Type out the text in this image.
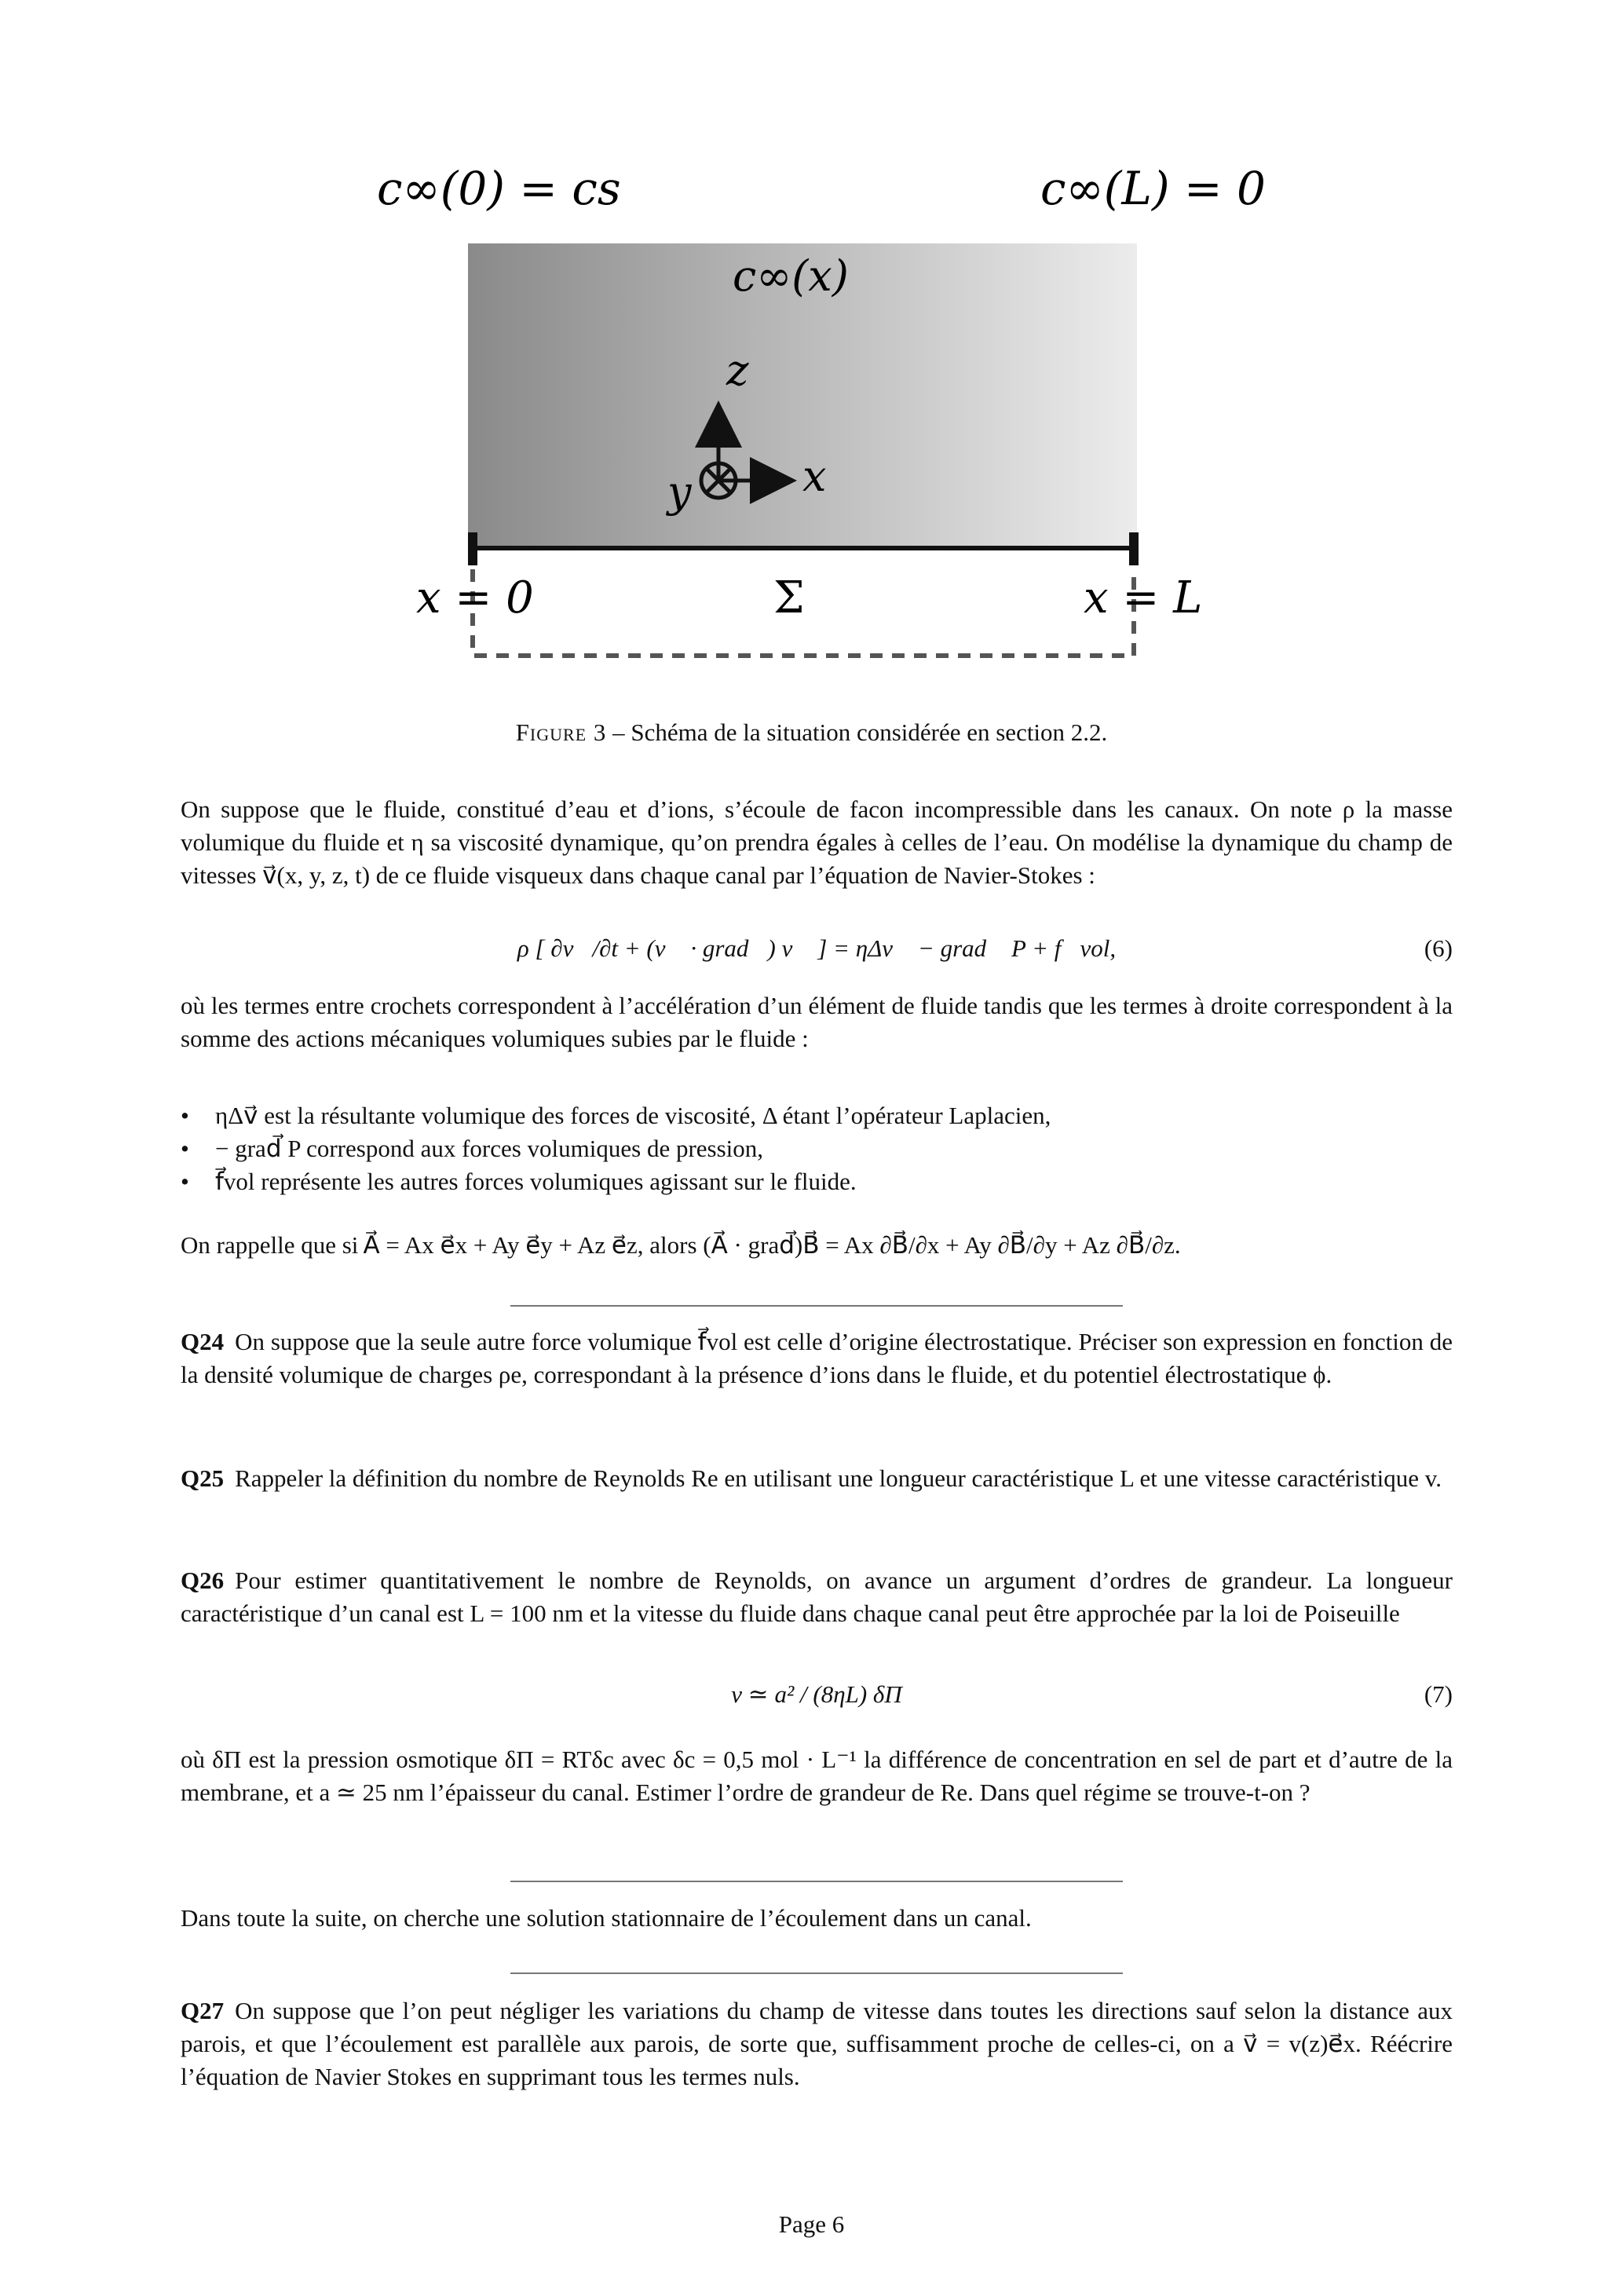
c∞(0) = cs	c∞(L) = 0
c∞(x)
z
x
y
x = 0	Σ	x = L
Figure 3 – Schéma de la situation considérée en section 2.2.

On suppose que le fluide, constitué d’eau et d’ions, s’écoule de facon incompressible dans les canaux. On note ρ la masse volumique du fluide et η sa viscosité dynamique, qu’on prendra égales à celles de l’eau. On modélise la dynamique du champ de vitesses v⃗(x, y, z, t) de ce fluide visqueux dans chaque canal par l’équation de Navier-Stokes :

ρ [ ∂v⃗/∂t + (v⃗ · grad⃗) v⃗ ] = ηΔv⃗ − grad⃗ P + f⃗vol,	(6)

où les termes entre crochets correspondent à l’accélération d’un élément de fluide tandis que les termes à droite correspondent à la somme des actions mécaniques volumiques subies par le fluide :

• ηΔv⃗ est la résultante volumique des forces de viscosité, Δ étant l’opérateur Laplacien,
• − grad⃗ P correspond aux forces volumiques de pression,
• f⃗vol représente les autres forces volumiques agissant sur le fluide.

On rappelle que si A⃗ = Ax e⃗x + Ay e⃗y + Az e⃗z, alors (A⃗ · grad⃗)B⃗ = Ax ∂B⃗/∂x + Ay ∂B⃗/∂y + Az ∂B⃗/∂z.

Q24 On suppose que la seule autre force volumique f⃗vol est celle d’origine électrostatique. Préciser son expression en fonction de la densité volumique de charges ρe, correspondant à la présence d’ions dans le fluide, et du potentiel électrostatique ϕ.

Q25 Rappeler la définition du nombre de Reynolds Re en utilisant une longueur caractéristique L et une vitesse caractéristique v.

Q26 Pour estimer quantitativement le nombre de Reynolds, on avance un argument d’ordres de grandeur. La longueur caractéristique d’un canal est L = 100 nm et la vitesse du fluide dans chaque canal peut être approchée par la loi de Poiseuille

v ≃ a² / (8ηL) δΠ	(7)

où δΠ est la pression osmotique δΠ = RTδc avec δc = 0,5 mol · L⁻¹ la différence de concentration en sel de part et d’autre de la membrane, et a ≃ 25 nm l’épaisseur du canal. Estimer l’ordre de grandeur de Re. Dans quel régime se trouve-t-on ?

Dans toute la suite, on cherche une solution stationnaire de l’écoulement dans un canal.

Q27 On suppose que l’on peut négliger les variations du champ de vitesse dans toutes les directions sauf selon la distance aux parois, et que l’écoulement est parallèle aux parois, de sorte que, suffisamment proche de celles-ci, on a v⃗ = v(z)e⃗x. Réécrire l’équation de Navier Stokes en supprimant tous les termes nuls.

Page 6
